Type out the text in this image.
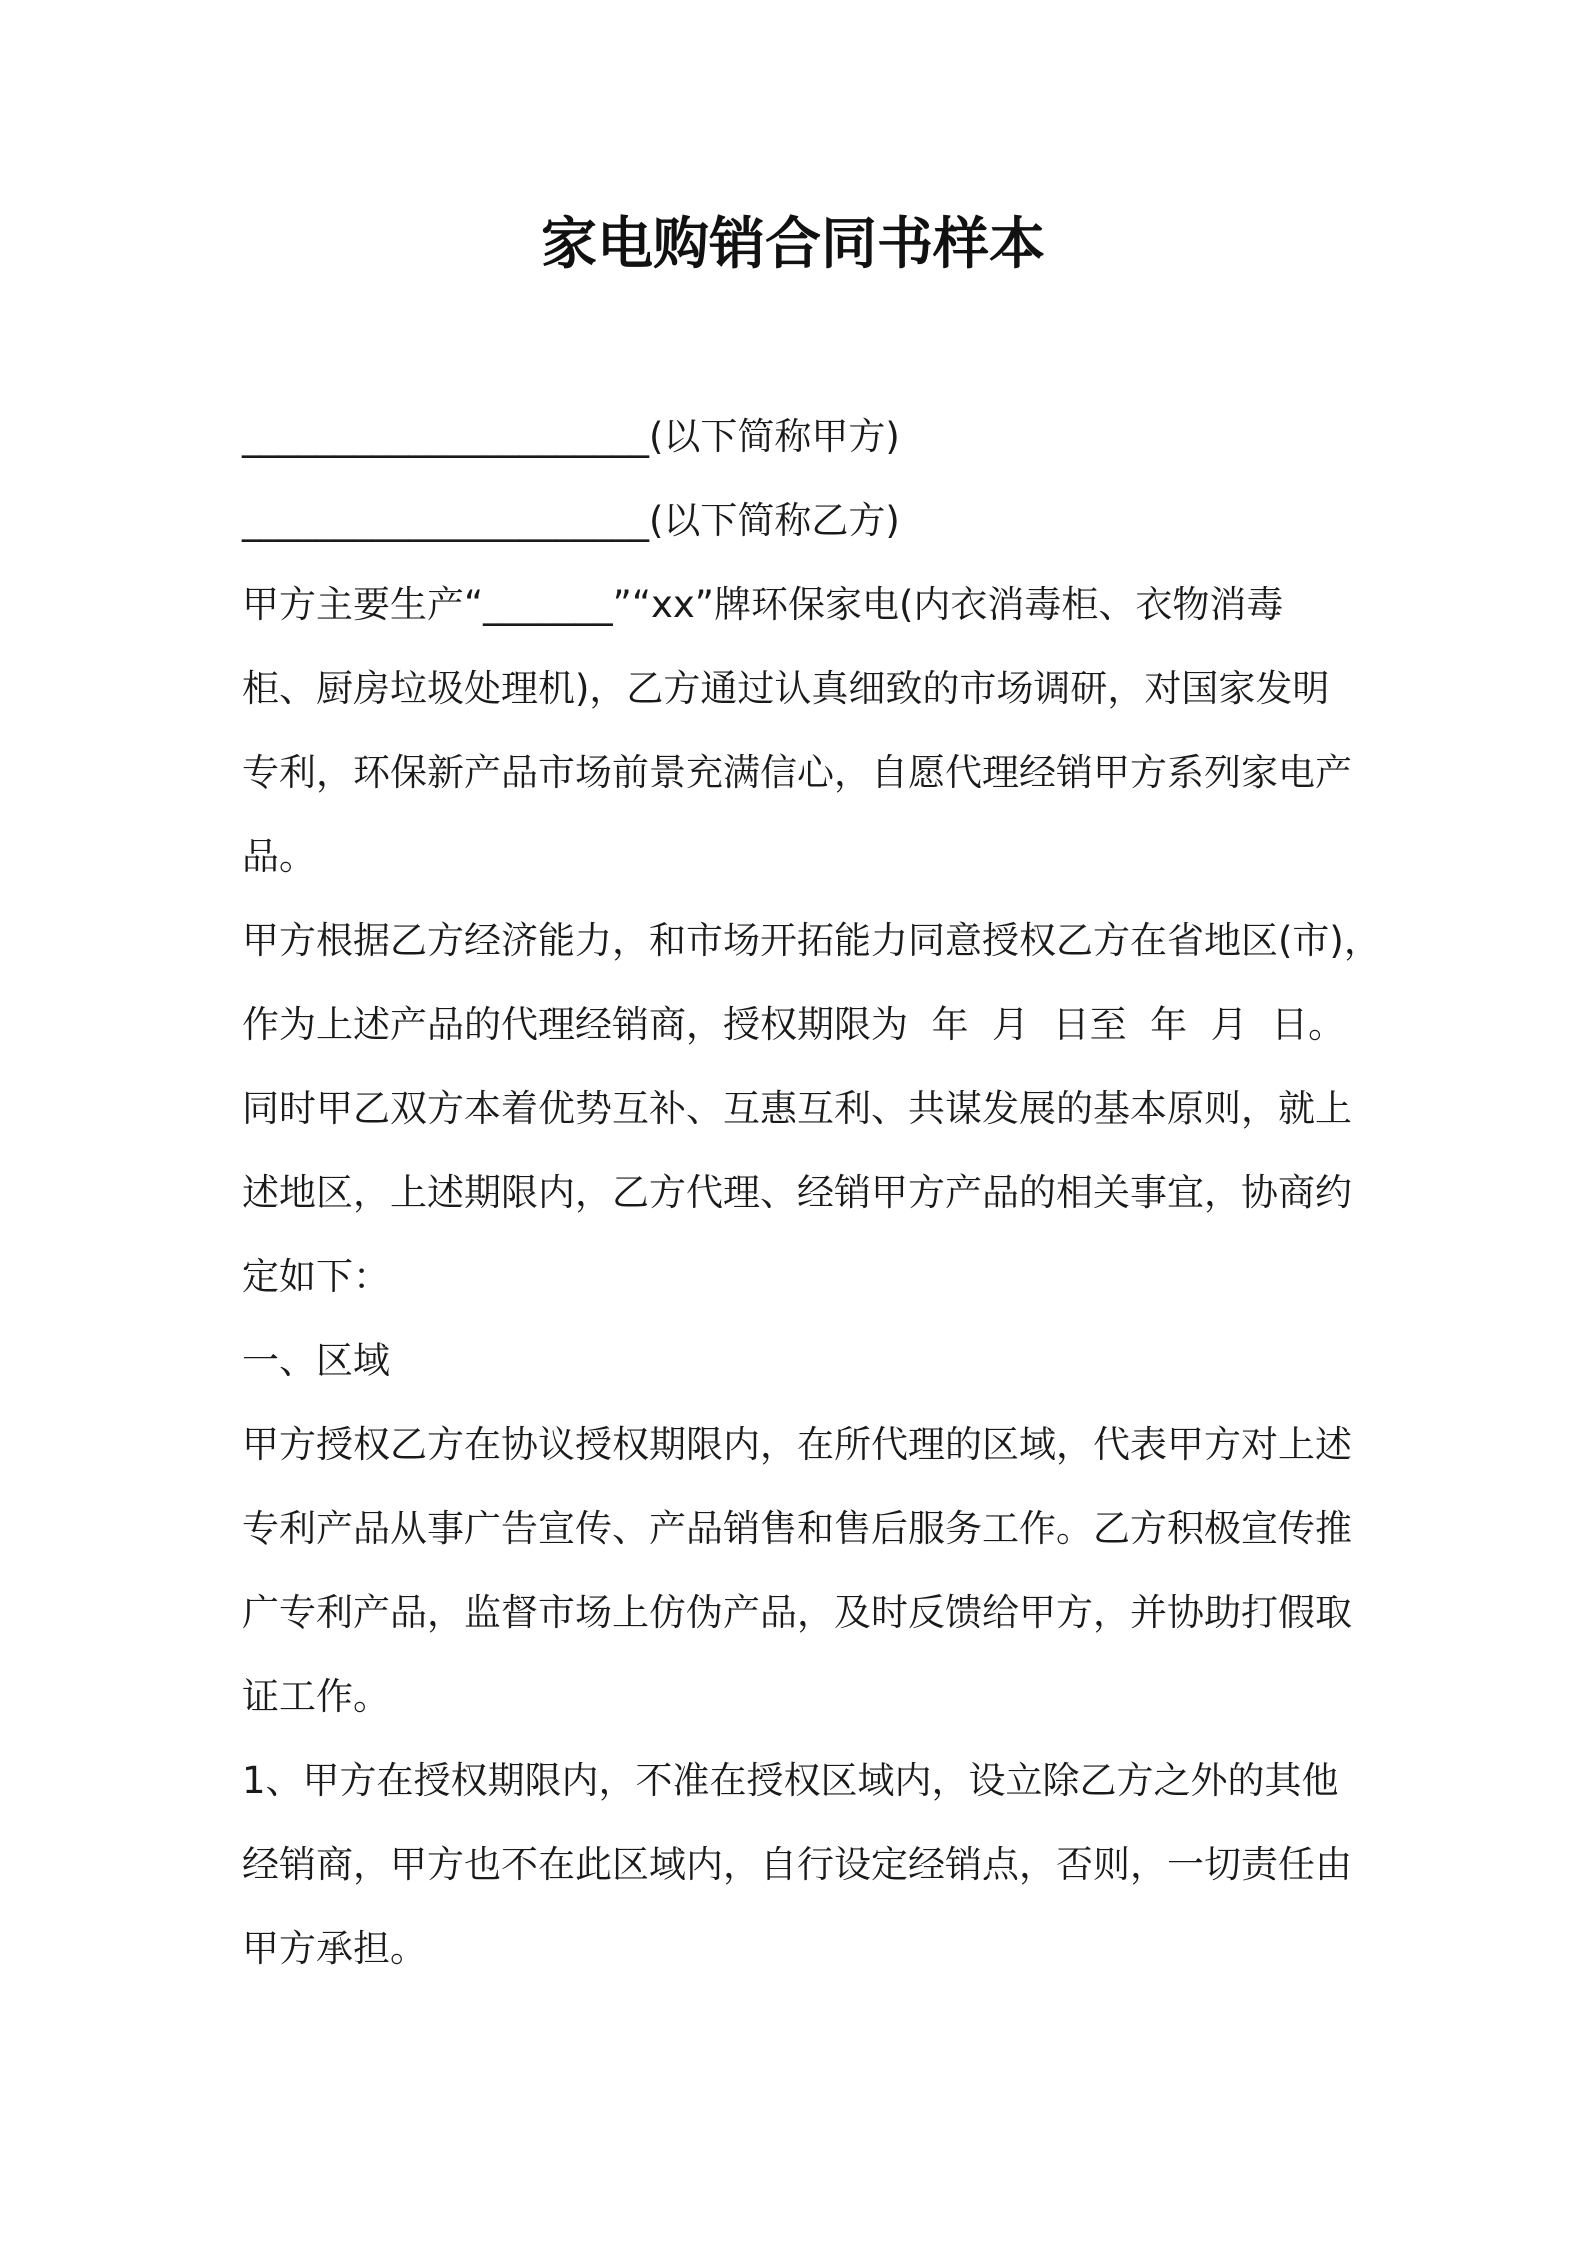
家电购销合同书样本
______________________(以下简称甲方)
______________________(以下简称乙方)
甲方主要生产“_______”“xx”牌环保家电(内衣消毒柜、衣物消毒
柜、厨房垃圾处理机)，乙方通过认真细致的市场调研，对国家发明
专利，环保新产品市场前景充满信心，自愿代理经销甲方系列家电产
品。
甲方根据乙方经济能力，和市场开拓能力同意授权乙方在省地区(市)，
作为上述产品的代理经销商，授权期限为  年  月  日至  年  月  日。
同时甲乙双方本着优势互补、互惠互利、共谋发展的基本原则，就上
述地区，上述期限内，乙方代理、经销甲方产品的相关事宜，协商约
定如下：
一、区域
甲方授权乙方在协议授权期限内，在所代理的区域，代表甲方对上述
专利产品从事广告宣传、产品销售和售后服务工作。乙方积极宣传推
广专利产品，监督市场上仿伪产品，及时反馈给甲方，并协助打假取
证工作。
1、甲方在授权期限内，不准在授权区域内，设立除乙方之外的其他
经销商，甲方也不在此区域内，自行设定经销点，否则，一切责任由
甲方承担。
